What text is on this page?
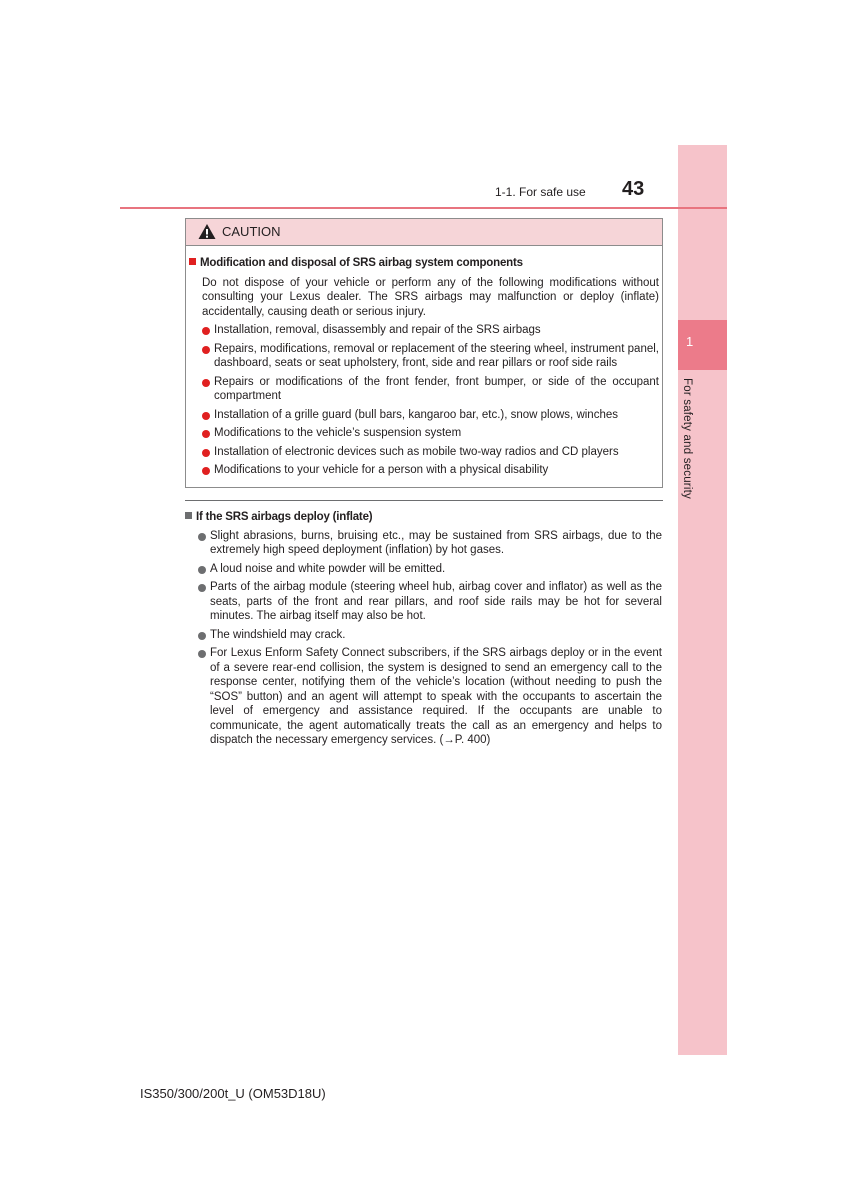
1
For safety and security
1-1. For safe use 43
CAUTION
Modification and disposal of SRS airbag system components
Do not dispose of your vehicle or perform any of the following modifications without consulting your Lexus dealer. The SRS airbags may malfunction or deploy (inflate) accidentally, causing death or serious injury.
Installation, removal, disassembly and repair of the SRS airbags
Repairs, modifications, removal or replacement of the steering wheel, instrument panel, dashboard, seats or seat upholstery, front, side and rear pillars or roof side rails
Repairs or modifications of the front fender, front bumper, or side of the occupant compartment
Installation of a grille guard (bull bars, kangaroo bar, etc.), snow plows, winches
Modifications to the vehicle’s suspension system
Installation of electronic devices such as mobile two-way radios and CD players
Modifications to your vehicle for a person with a physical disability
If the SRS airbags deploy (inflate)
Slight abrasions, burns, bruising etc., may be sustained from SRS airbags, due to the extremely high speed deployment (inflation) by hot gases.
A loud noise and white powder will be emitted.
Parts of the airbag module (steering wheel hub, airbag cover and inflator) as well as the seats, parts of the front and rear pillars, and roof side rails may be hot for several minutes. The airbag itself may also be hot.
The windshield may crack.
For Lexus Enform Safety Connect subscribers, if the SRS airbags deploy or in the event of a severe rear-end collision, the system is designed to send an emergency call to the response center, notifying them of the vehicle’s location (without needing to push the “SOS” button) and an agent will attempt to speak with the occupants to ascertain the level of emergency and assistance required. If the occupants are unable to communicate, the agent automatically treats the call as an emergency and helps to dispatch the necessary emergency services. (→P. 400)
IS350/300/200t_U (OM53D18U)
